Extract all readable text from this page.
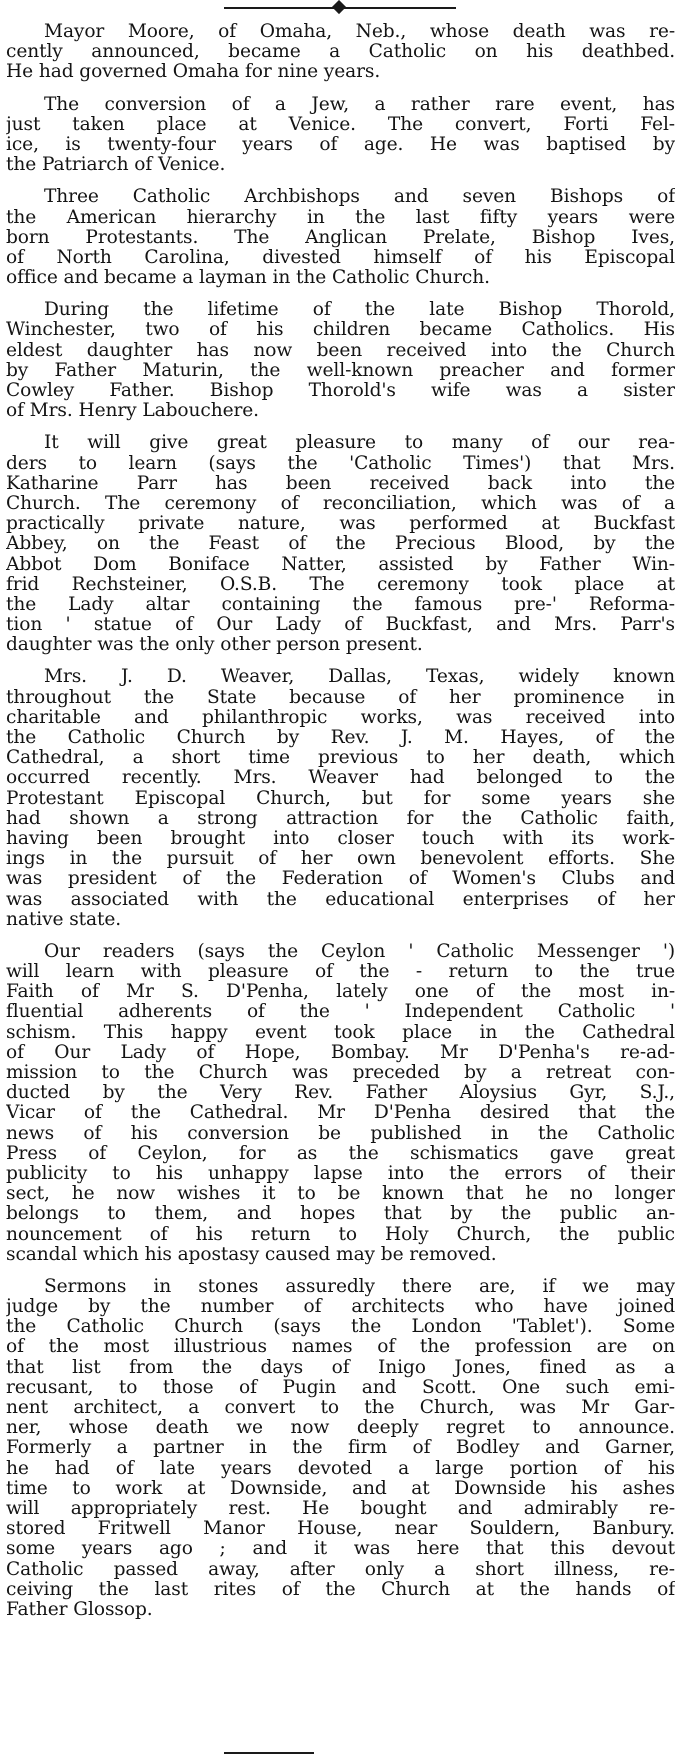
Mayor Moore, of Omaha, Neb., whose death was re-
cently announced, became a Catholic on his deathbed.
He had governed Omaha for nine years.
The conversion of a Jew, a rather rare event, has
just taken place at Venice. The convert, Forti Fel-
ice, is twenty-four years of age. He was baptised by
the Patriarch of Venice.
Three Catholic Archbishops and seven Bishops of
the American hierarchy in the last fifty years were
born Protestants. The Anglican Prelate, Bishop Ives,
of North Carolina, divested himself of his Episcopal
office and became a layman in the Catholic Church.
During the lifetime of the late Bishop Thorold,
Winchester, two of his children became Catholics. His
eldest daughter has now been received into the Church
by Father Maturin, the well-known preacher and former
Cowley Father. Bishop Thorold's wife was a sister
of Mrs. Henry Labouchere.
It will give great pleasure to many of our rea-
ders to learn (says the 'Catholic Times') that Mrs.
Katharine Parr has been received back into the
Church. The ceremony of reconciliation, which was of a
practically private nature, was performed at Buckfast
Abbey, on the Feast of the Precious Blood, by the
Abbot Dom Boniface Natter, assisted by Father Win-
frid Rechsteiner, O.S.B. The ceremony took place at
the Lady altar containing the famous pre-' Reforma-
tion ' statue of Our Lady of Buckfast, and Mrs. Parr's
daughter was the only other person present.
Mrs. J. D. Weaver, Dallas, Texas, widely known
throughout the State because of her prominence in
charitable and philanthropic works, was received into
the Catholic Church by Rev. J. M. Hayes, of the
Cathedral, a short time previous to her death, which
occurred recently. Mrs. Weaver had belonged to the
Protestant Episcopal Church, but for some years she
had shown a strong attraction for the Catholic faith,
having been brought into closer touch with its work-
ings in the pursuit of her own benevolent efforts. She
was president of the Federation of Women's Clubs and
was associated with the educational enterprises of her
native state.
Our readers (says the Ceylon ' Catholic Messenger ')
will learn with pleasure of the - return to the true
Faith of Mr S. D'Penha, lately one of the most in-
fluential adherents of the ' Independent Catholic '
schism. This happy event took place in the Cathedral
of Our Lady of Hope, Bombay. Mr D'Penha's re-ad-
mission to the Church was preceded by a retreat con-
ducted by the Very Rev. Father Aloysius Gyr, S.J.,
Vicar of the Cathedral. Mr D'Penha desired that the
news of his conversion be published in the Catholic
Press of Ceylon, for as the schismatics gave great
publicity to his unhappy lapse into the errors of their
sect, he now wishes it to be known that he no longer
belongs to them, and hopes that by the public an-
nouncement of his return to Holy Church, the public
scandal which his apostasy caused may be removed.
Sermons in stones assuredly there are, if we may
judge by the number of architects who have joined
the Catholic Church (says the London 'Tablet'). Some
of the most illustrious names of the profession are on
that list from the days of Inigo Jones, fined as a
recusant, to those of Pugin and Scott. One such emi-
nent architect, a convert to the Church, was Mr Gar-
ner, whose death we now deeply regret to announce.
Formerly a partner in the firm of Bodley and Garner,
he had of late years devoted a large portion of his
time to work at Downside, and at Downside his ashes
will appropriately rest. He bought and admirably re-
stored Fritwell Manor House, near Souldern, Banbury.
some years ago ; and it was here that this devout
Catholic passed away, after only a short illness, re-
ceiving the last rites of the Church at the hands of
Father Glossop.
